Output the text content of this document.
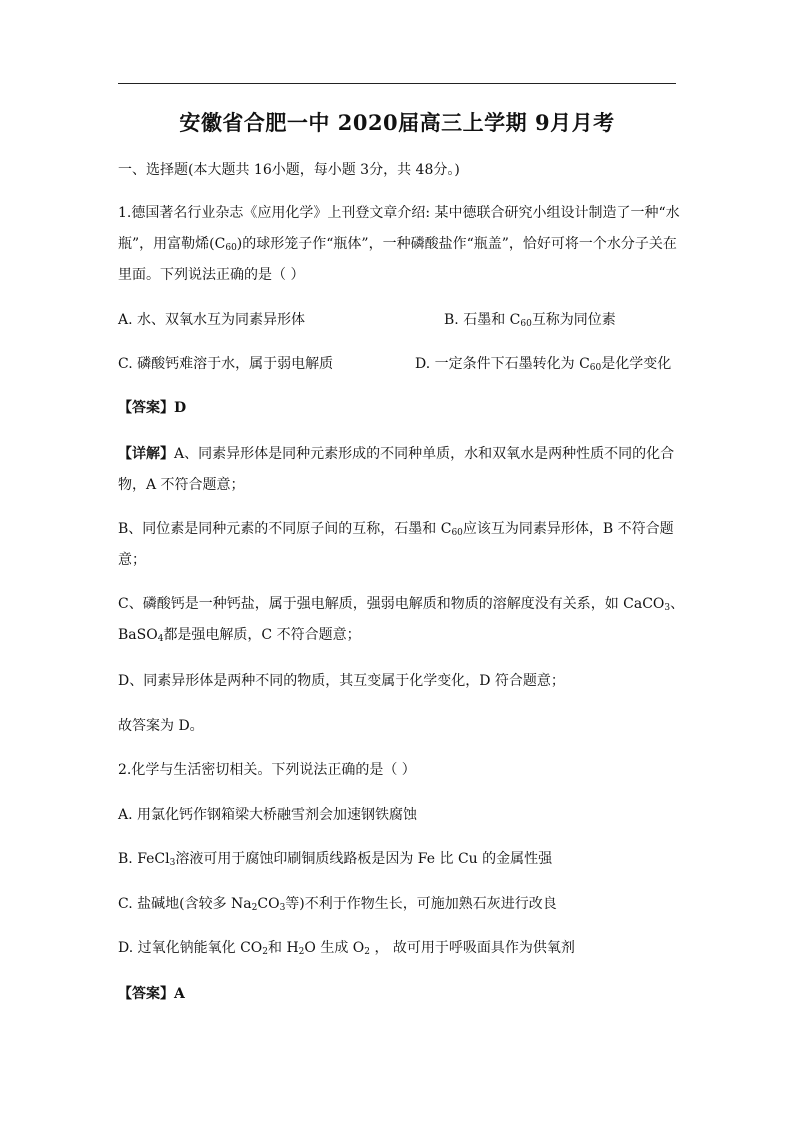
安徽省合肥一中 2020届高三上学期 9月月考
一、选择题(本大题共 16小题，每小题 3分，共 48分。)
1.德国著名行业杂志《应用化学》上刊登文章介绍: 某中德联合研究小组设计制造了一种“水
瓶”，用富勒烯$(C_{60})$的球形笼子作“瓶体”，一种磷酸盐作“瓶盖”，恰好可将一个水分子关在
里面。下列说法正确的是（ ）
A. 水、双氧水互为同素异形体	B. 石墨和 $C_{60}$互称为同位素
C. 磷酸钙难溶于水，属于弱电解质	D. 一定条件下石墨转化为 $C_{60}$是化学变化
【答案】D
【详解】A、同素异形体是同种元素形成的不同种单质，水和双氧水是两种性质不同的化合
物，A 不符合题意；
B、同位素是同种元素的不同原子间的互称，石墨和 $C_{60}$应该互为同素异形体，B 不符合题
意；
C、磷酸钙是一种钙盐，属于强电解质，强弱电解质和物质的溶解度没有关系，如 CaCO$_3$、
BaSO$_4$都是强电解质，C 不符合题意；
D、同素异形体是两种不同的物质，其互变属于化学变化，D 符合题意；
故答案为 D。
2.化学与生活密切相关。下列说法正确的是（ ）
A. 用氯化钙作钢箱梁大桥融雪剂会加速钢铁腐蚀
B. FeCl$_3$溶液可用于腐蚀印刷铜质线路板是因为 Fe 比 Cu 的金属性强
C. 盐碱地(含较多 $Na_2CO_3$等)不利于作物生长，可施加熟石灰进行改良
D. 过氧化钠能氧化 $CO_2$和 $H_2O$ 生成 $O_2$ ， 故可用于呼吸面具作为供氧剂
【答案】A
